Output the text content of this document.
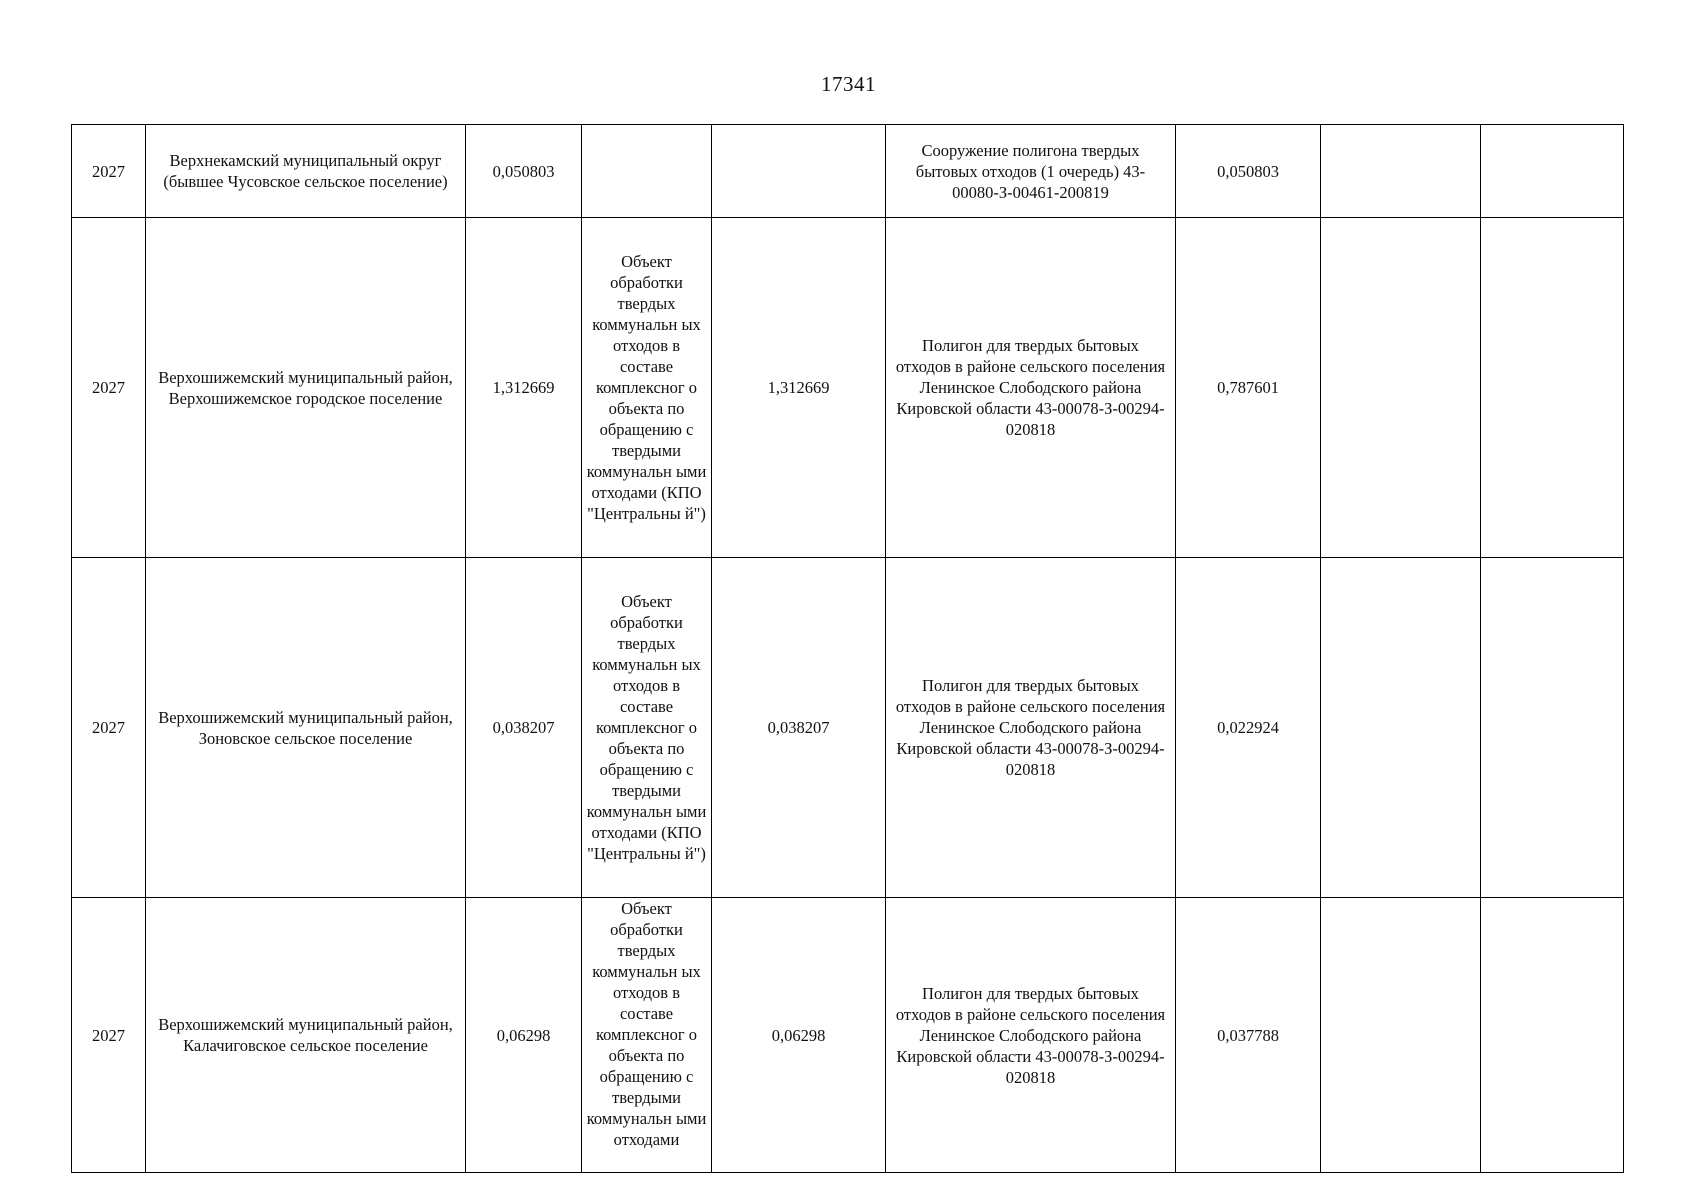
17341
2027	Верхнекамский муниципальный округ (бывшее Чусовское сельское поселение)	0,050803			Сооружение полигона твердых бытовых отходов (1 очередь) 43-00080-З-00461-200819	0,050803		
2027	Верхошижемский муниципальный район, Верхошижемское городское поселение	1,312669	Объект обработки твердых коммунальн ых отходов в составе комплексног о объекта по обращению с твердыми коммунальн ыми отходами (КПО "Центральны й")	1,312669	Полигон для твердых бытовых отходов в районе сельского поселения Ленинское Слободского района Кировской области 43-00078-З-00294-020818	0,787601		
2027	Верхошижемский муниципальный район, Зоновское сельское поселение	0,038207	Объект обработки твердых коммунальн ых отходов в составе комплексног о объекта по обращению с твердыми коммунальн ыми отходами (КПО "Центральны й")	0,038207	Полигон для твердых бытовых отходов в районе сельского поселения Ленинское Слободского района Кировской области 43-00078-З-00294-020818	0,022924		
2027	Верхошижемский муниципальный район, Калачиговское сельское поселение	0,06298	Объект обработки твердых коммунальн ых отходов в составе комплексног о объекта по обращению с твердыми коммунальн ыми отходами	0,06298	Полигон для твердых бытовых отходов в районе сельского поселения Ленинское Слободского района Кировской области 43-00078-З-00294-020818	0,037788		
